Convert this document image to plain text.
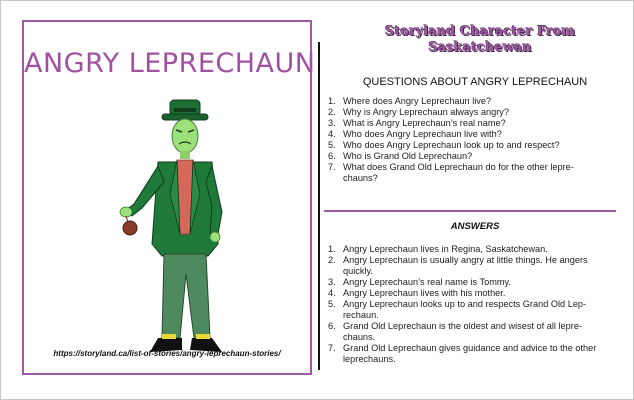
ANGRY LEPRECHAUN
https://storyland.ca/list-of-stories/angry-leprechaun-stories/
Storyland Character From
Saskatchewan
QUESTIONS ABOUT ANGRY LEPRECHAUN
1. Where does Angry Leprechaun live?
2. Why is Angry Leprechaun always angry?
3. What is Angry Leprechaun’s real name?
4. Who does Angry Leprechaun live with?
5. Who does Angry Leprechaun look up to and respect?
6. Who is Grand Old Leprechaun?
7. What does Grand Old Leprechaun do for the other lepre-chauns?
ANSWERS
1. Angry Leprechaun lives in Regina, Saskatchewan.
2. Angry Leprechaun is usually angry at little things. He angers quickly.
3. Angry Leprechaun’s real name is Tommy.
4. Angry Leprechaun lives with his mother.
5. Angry Leprechaun looks up to and respects Grand Old Lep-rechaun.
6. Grand Old Leprechaun is the oldest and wisest of all lepre-chauns.
7. Grand Old Leprechaun gives guidance and advice to the other leprechauns.
